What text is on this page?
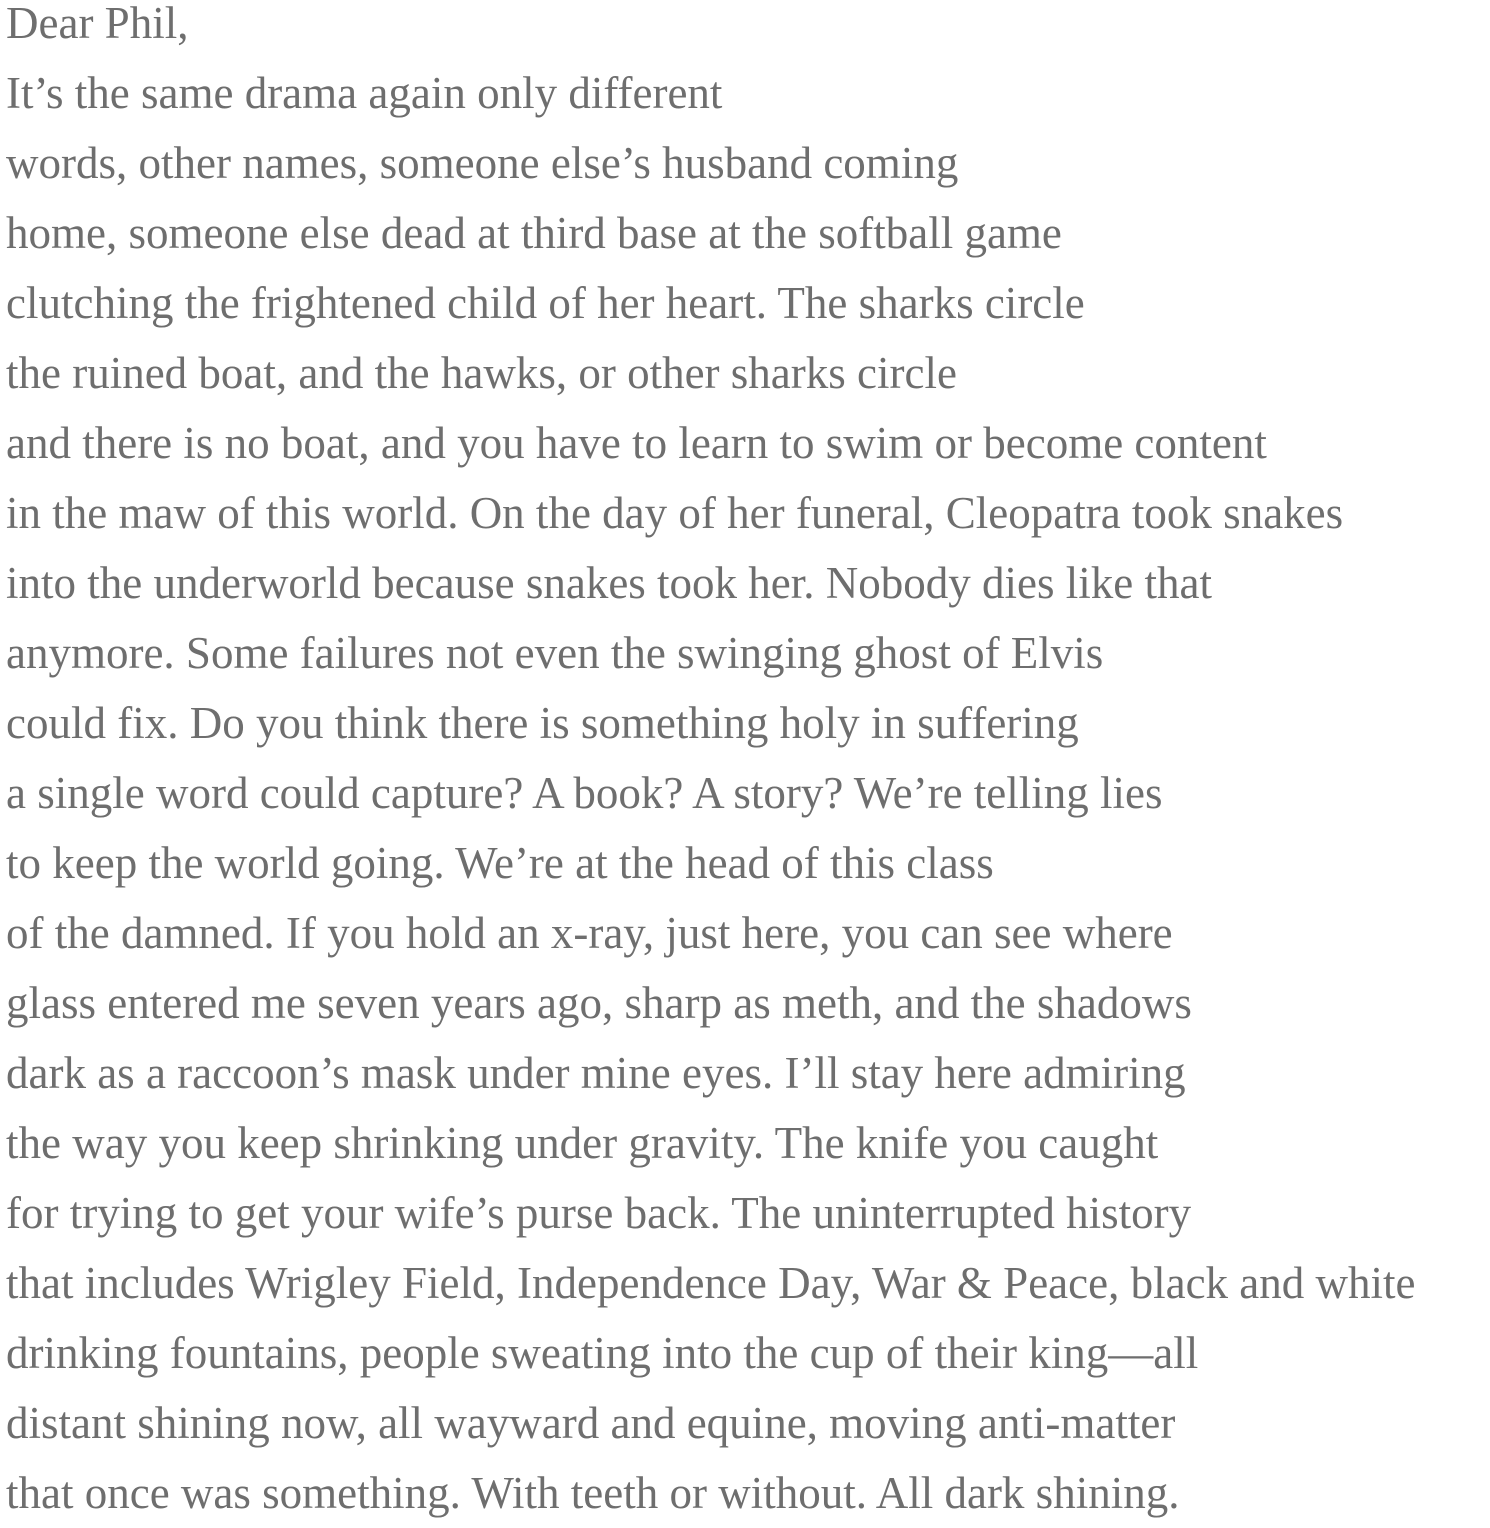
Dear Phil,
It’s the same drama again only different
words, other names, someone else’s husband coming
home, someone else dead at third base at the softball game
clutching the frightened child of her heart. The sharks circle
the ruined boat, and the hawks, or other sharks circle
and there is no boat, and you have to learn to swim or become content
in the maw of this world. On the day of her funeral, Cleopatra took snakes
into the underworld because snakes took her. Nobody dies like that
anymore. Some failures not even the swinging ghost of Elvis
could fix. Do you think there is something holy in suffering
a single word could capture? A book? A story? We’re telling lies
to keep the world going. We’re at the head of this class
of the damned. If you hold an x-ray, just here, you can see where
glass entered me seven years ago, sharp as meth, and the shadows
dark as a raccoon’s mask under mine eyes. I’ll stay here admiring
the way you keep shrinking under gravity. The knife you caught
for trying to get your wife’s purse back. The uninterrupted history
that includes Wrigley Field, Independence Day, War & Peace, black and white
drinking fountains, people sweating into the cup of their king—all
distant shining now, all wayward and equine, moving anti-matter
that once was something. With teeth or without. All dark shining.
